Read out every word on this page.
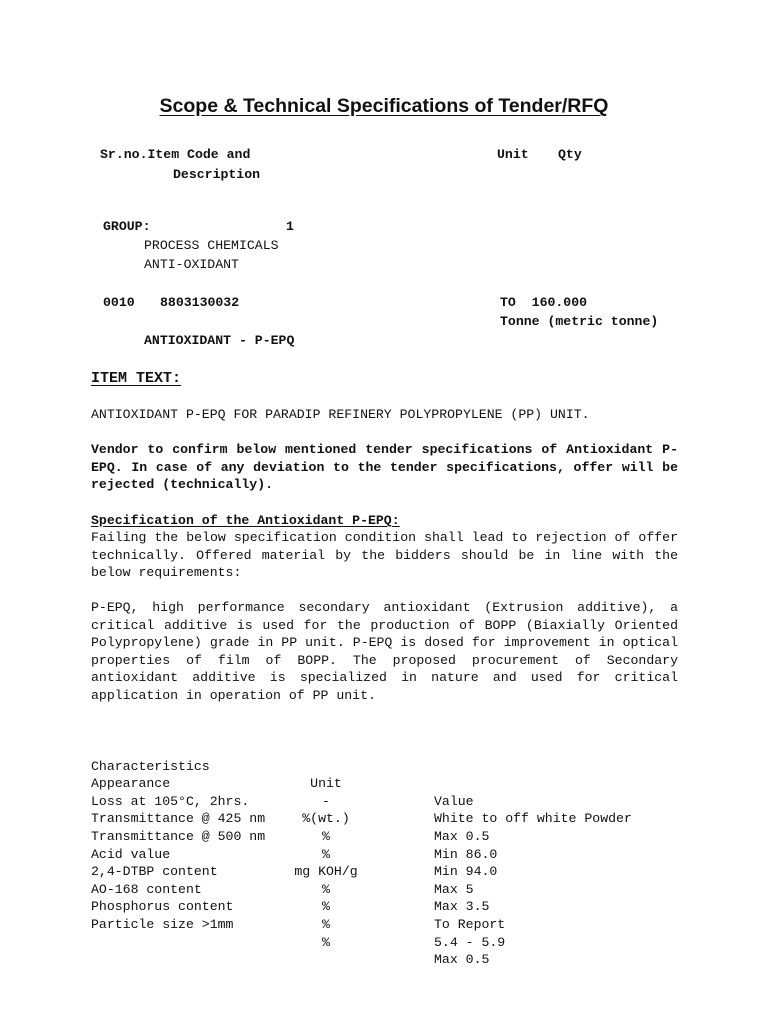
Scope & Technical Specifications of Tender/RFQ
Sr.no.Item Code and
Description
Unit Qty
GROUP:	1
PROCESS CHEMICALS
ANTI-OXIDANT
0010 8803130032	TO  160.000
Tonne (metric tonne)
ANTIOXIDANT - P-EPQ
ITEM TEXT:
ANTIOXIDANT P-EPQ FOR PARADIP REFINERY POLYPROPYLENE (PP) UNIT.
Vendor to confirm below mentioned tender specifications of Antioxidant P-EPQ. In case of any deviation to the tender specifications, offer will be rejected (technically).
Specification of the Antioxidant P-EPQ:
Failing the below specification condition shall lead to rejection of offer technically. Offered material by the bidders should be in line with the below requirements:
P-EPQ, high performance secondary antioxidant (Extrusion additive), a critical additive is used for the production of BOPP (Biaxially Oriented Polypropylene) grade in PP unit. P-EPQ is dosed for improvement in optical properties of film of BOPP. The proposed procurement of Secondary antioxidant additive is specialized in nature and used for critical application in operation of PP unit.

Characteristics

Unit

Value

Appearance

-

White to off white Powder

Loss at 105°C, 2hrs.

%(wt.)

Max 0.5

Transmittance @ 425 nm

%

Min 86.0

Transmittance @ 500 nm

%

Min 94.0

Acid value

mg KOH/g

Max 5

2,4-DTBP content

%

Max 3.5

AO-168 content

%

To Report

Phosphorus content

%

5.4 - 5.9

Particle size >1mm

%

Max 0.5
